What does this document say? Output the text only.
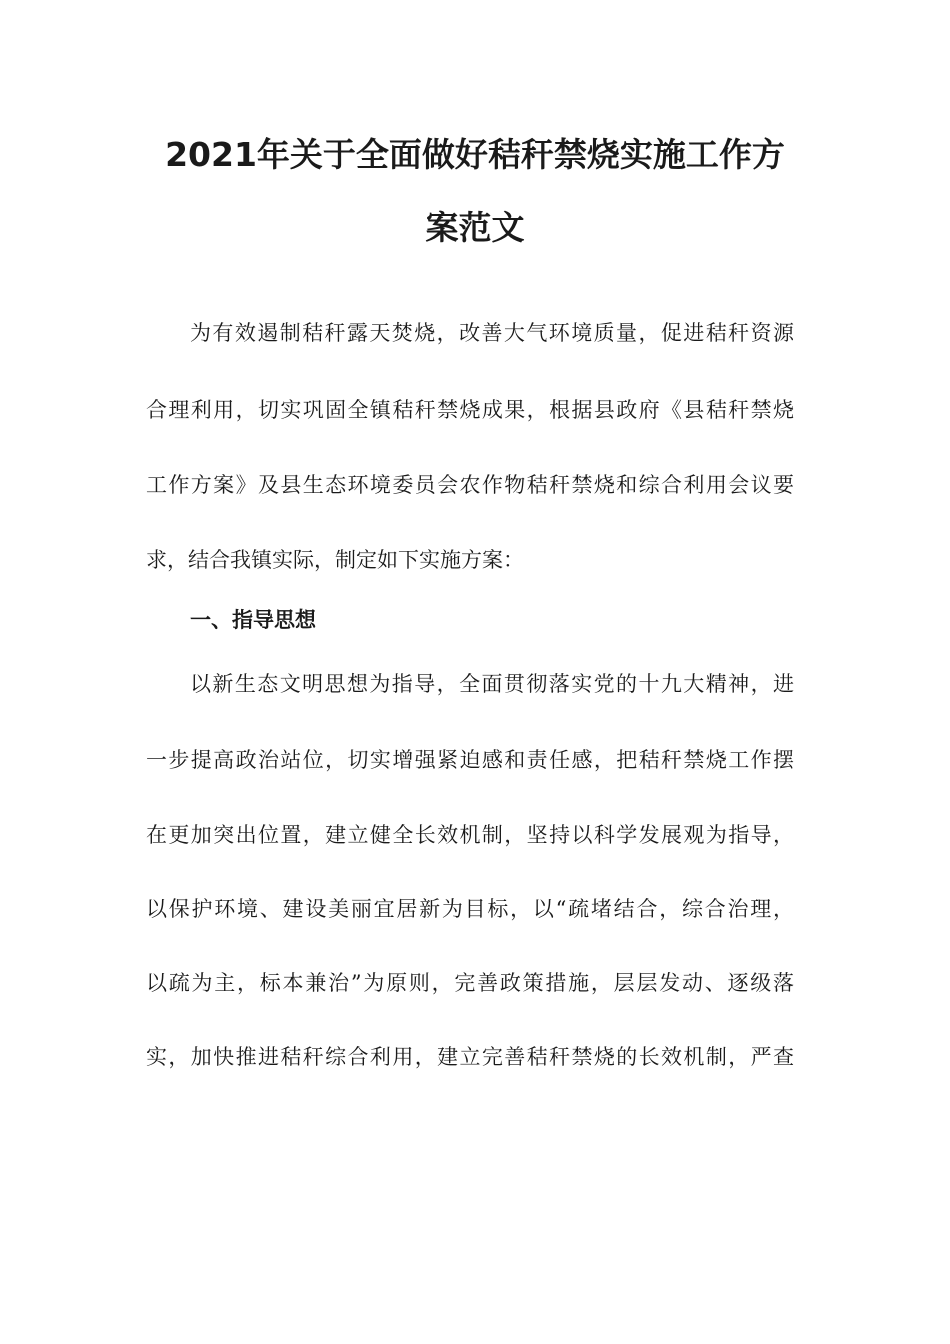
2021年关于全面做好秸秆禁烧实施工作方
案范文

为有效遏制秸秆露天焚烧，改善大气环境质量，促进秸秆资源

合理利用，切实巩固全镇秸秆禁烧成果，根据县政府《县秸秆禁烧

工作方案》及县生态环境委员会农作物秸秆禁烧和综合利用会议要

求，结合我镇实际，制定如下实施方案：

一、指导思想

以新生态文明思想为指导，全面贯彻落实党的十九大精神，进

一步提高政治站位，切实增强紧迫感和责任感，把秸秆禁烧工作摆

在更加突出位置，建立健全长效机制，坚持以科学发展观为指导，

以保护环境、建设美丽宜居新为目标，以“疏堵结合，综合治理，

以疏为主，标本兼治”为原则，完善政策措施，层层发动、逐级落

实，加快推进秸秆综合利用，建立完善秸秆禁烧的长效机制，严查
